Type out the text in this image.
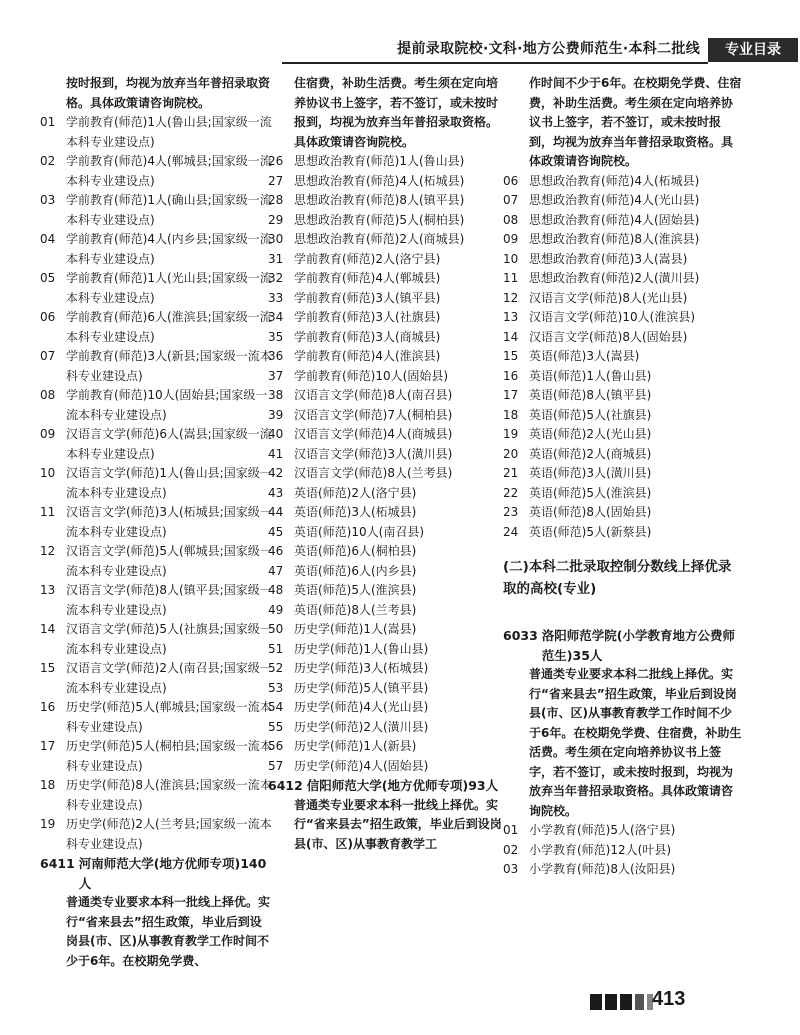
提前录取院校·文科·地方公费师范生·本科二批线	专业目录
按时报到，均视为放弃当年普招录取资格。具体政策请咨询院校。
01 学前教育(师范)1人(鲁山县;国家级一流本科专业建设点)
02 学前教育(师范)4人(郸城县;国家级一流本科专业建设点)
03 学前教育(师范)1人(确山县;国家级一流本科专业建设点)
04 学前教育(师范)4人(内乡县;国家级一流本科专业建设点)
05 学前教育(师范)1人(光山县;国家级一流本科专业建设点)
06 学前教育(师范)6人(淮滨县;国家级一流本科专业建设点)
07 学前教育(师范)3人(新县;国家级一流本科专业建设点)
08 学前教育(师范)10人(固始县;国家级一流本科专业建设点)
09 汉语言文学(师范)6人(嵩县;国家级一流本科专业建设点)
10 汉语言文学(师范)1人(鲁山县;国家级一流本科专业建设点)
11 汉语言文学(师范)3人(柘城县;国家级一流本科专业建设点)
12 汉语言文学(师范)5人(郸城县;国家级一流本科专业建设点)
13 汉语言文学(师范)8人(镇平县;国家级一流本科专业建设点)
14 汉语言文学(师范)5人(社旗县;国家级一流本科专业建设点)
15 汉语言文学(师范)2人(南召县;国家级一流本科专业建设点)
16 历史学(师范)5人(郸城县;国家级一流本科专业建设点)
17 历史学(师范)5人(桐柏县;国家级一流本科专业建设点)
18 历史学(师范)8人(淮滨县;国家级一流本科专业建设点)
19 历史学(师范)2人(兰考县;国家级一流本科专业建设点)
6411 河南师范大学(地方优师专项)140人
普通类专业要求本科一批线上择优。实行“省来县去”招生政策，毕业后到设岗县(市、区)从事教育教学工作时间不少于6年。在校期免学费、
住宿费，补助生活费。考生须在定向培养协议书上签字，若不签订，或未按时报到，均视为放弃当年普招录取资格。具体政策请咨询院校。
26 思想政治教育(师范)1人(鲁山县)
27 思想政治教育(师范)4人(柘城县)
28 思想政治教育(师范)8人(镇平县)
29 思想政治教育(师范)5人(桐柏县)
30 思想政治教育(师范)2人(商城县)
31 学前教育(师范)2人(洛宁县)
32 学前教育(师范)4人(郸城县)
33 学前教育(师范)3人(镇平县)
34 学前教育(师范)3人(社旗县)
35 学前教育(师范)3人(商城县)
36 学前教育(师范)4人(淮滨县)
37 学前教育(师范)10人(固始县)
38 汉语言文学(师范)8人(南召县)
39 汉语言文学(师范)7人(桐柏县)
40 汉语言文学(师范)4人(商城县)
41 汉语言文学(师范)3人(潢川县)
42 汉语言文学(师范)8人(兰考县)
43 英语(师范)2人(洛宁县)
44 英语(师范)3人(柘城县)
45 英语(师范)10人(南召县)
46 英语(师范)6人(桐柏县)
47 英语(师范)6人(内乡县)
48 英语(师范)5人(淮滨县)
49 英语(师范)8人(兰考县)
50 历史学(师范)1人(嵩县)
51 历史学(师范)1人(鲁山县)
52 历史学(师范)3人(柘城县)
53 历史学(师范)5人(镇平县)
54 历史学(师范)4人(光山县)
55 历史学(师范)2人(潢川县)
56 历史学(师范)1人(新县)
57 历史学(师范)4人(固始县)
6412 信阳师范大学(地方优师专项)93人
普通类专业要求本科一批线上择优。实行“省来县去”招生政策，毕业后到设岗县(市、区)从事教育教学工
作时间不少于6年。在校期免学费、住宿费，补助生活费。考生须在定向培养协议书上签字，若不签订，或未按时报到，均视为放弃当年普招录取资格。具体政策请咨询院校。
06 思想政治教育(师范)4人(柘城县)
07 思想政治教育(师范)4人(光山县)
08 思想政治教育(师范)4人(固始县)
09 思想政治教育(师范)8人(淮滨县)
10 思想政治教育(师范)3人(嵩县)
11 思想政治教育(师范)2人(潢川县)
12 汉语言文学(师范)8人(光山县)
13 汉语言文学(师范)10人(淮滨县)
14 汉语言文学(师范)8人(固始县)
15 英语(师范)3人(嵩县)
16 英语(师范)1人(鲁山县)
17 英语(师范)8人(镇平县)
18 英语(师范)5人(社旗县)
19 英语(师范)2人(光山县)
20 英语(师范)2人(商城县)
21 英语(师范)3人(潢川县)
22 英语(师范)5人(淮滨县)
23 英语(师范)8人(固始县)
24 英语(师范)5人(新蔡县)
(二)本科二批录取控制分数线上择优录取的高校(专业)
6033 洛阳师范学院(小学教育地方公费师范生)35人
普通类专业要求本科二批线上择优。实行“省来县去”招生政策，毕业后到设岗县(市、区)从事教育教学工作时间不少于6年。在校期免学费、住宿费，补助生活费。考生须在定向培养协议书上签字，若不签订，或未按时报到，均视为放弃当年普招录取资格。具体政策请咨询院校。
01 小学教育(师范)5人(洛宁县)
02 小学教育(师范)12人(叶县)
03 小学教育(师范)8人(汝阳县)
413
